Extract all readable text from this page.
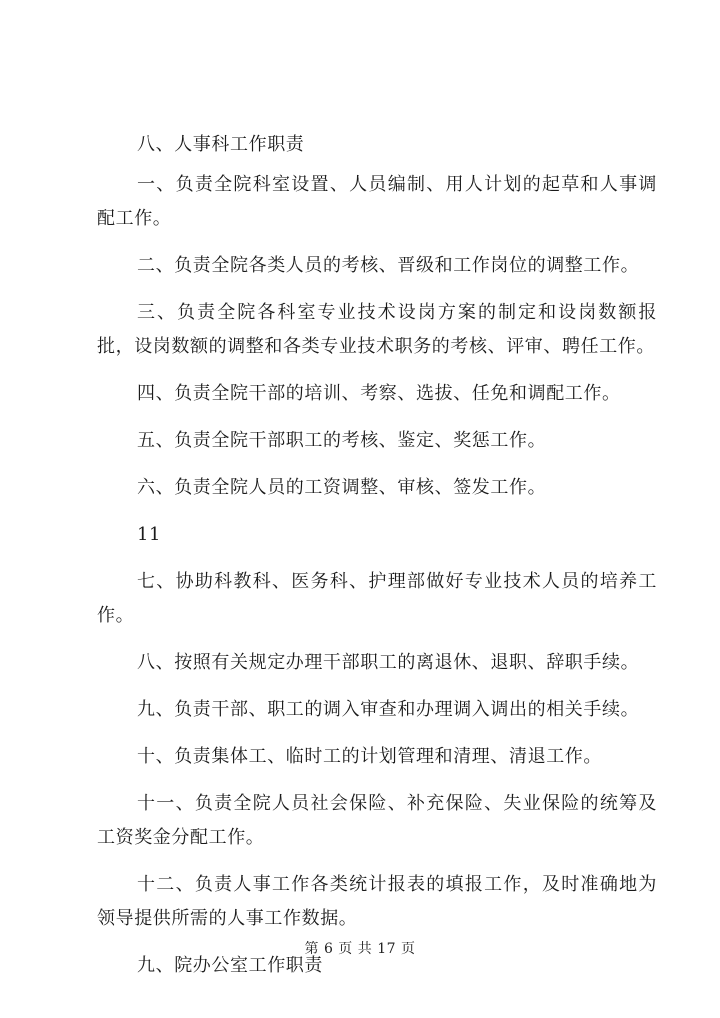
八、人事科工作职责

一、负责全院科室设置、人员编制、用人计划的起草和人事调配工作。

二、负责全院各类人员的考核、晋级和工作岗位的调整工作。

三、负责全院各科室专业技术设岗方案的制定和设岗数额报批，设岗数额的调整和各类专业技术职务的考核、评审、聘任工作。

四、负责全院干部的培训、考察、选拔、任免和调配工作。

五、负责全院干部职工的考核、鉴定、奖惩工作。

六、负责全院人员的工资调整、审核、签发工作。

11

七、协助科教科、医务科、护理部做好专业技术人员的培养工作。

八、按照有关规定办理干部职工的离退休、退职、辞职手续。

九、负责干部、职工的调入审查和办理调入调出的相关手续。

十、负责集体工、临时工的计划管理和清理、清退工作。

十一、负责全院人员社会保险、补充保险、失业保险的统筹及工资奖金分配工作。

十二、负责人事工作各类统计报表的填报工作，及时准确地为领导提供所需的人事工作数据。

九、院办公室工作职责

第 6 页 共 17 页
